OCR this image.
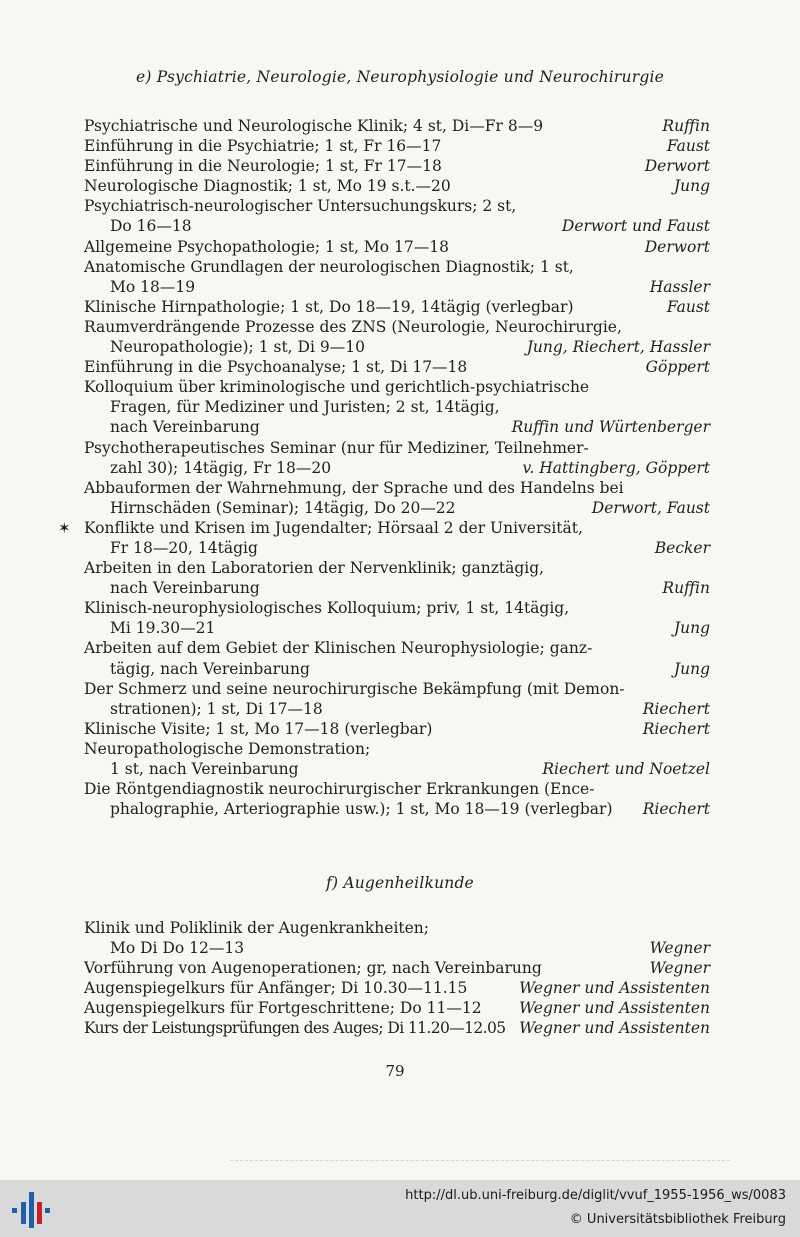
e) Psychiatrie, Neurologie, Neurophysiologie und Neurochirurgie
Psychiatrische und Neurologische Klinik; 4 st, Di—Fr 8—9	Ruffin
Einführung in die Psychiatrie; 1 st, Fr 16—17	Faust
Einführung in die Neurologie; 1 st, Fr 17—18	Derwort
Neurologische Diagnostik; 1 st, Mo 19 s.t.—20	Jung
Psychiatrisch-neurologischer Untersuchungskurs; 2 st,
Do 16—18	Derwort und Faust
Allgemeine Psychopathologie; 1 st, Mo 17—18	Derwort
Anatomische Grundlagen der neurologischen Diagnostik; 1 st,
Mo 18—19	Hassler
Klinische Hirnpathologie; 1 st, Do 18—19, 14tägig (verlegbar)	Faust
Raumverdrängende Prozesse des ZNS (Neurologie, Neurochirurgie,
Neuropathologie); 1 st, Di 9—10	Jung, Riechert, Hassler
Einführung in die Psychoanalyse; 1 st, Di 17—18	Göppert
Kolloquium über kriminologische und gerichtlich-psychiatrische
Fragen, für Mediziner und Juristen; 2 st, 14tägig,
nach Vereinbarung	Ruffin und Würtenberger
Psychotherapeutisches Seminar (nur für Mediziner, Teilnehmer-
zahl 30); 14tägig, Fr 18—20	v. Hattingberg, Göppert
Abbauformen der Wahrnehmung, der Sprache und des Handelns bei
Hirnschäden (Seminar); 14tägig, Do 20—22	Derwort, Faust
✶ Konflikte und Krisen im Jugendalter; Hörsaal 2 der Universität,
Fr 18—20, 14tägig	Becker
Arbeiten in den Laboratorien der Nervenklinik; ganztägig,
nach Vereinbarung	Ruffin
Klinisch-neurophysiologisches Kolloquium; priv, 1 st, 14tägig,
Mi 19.30—21	Jung
Arbeiten auf dem Gebiet der Klinischen Neurophysiologie; ganz-
tägig, nach Vereinbarung	Jung
Der Schmerz und seine neurochirurgische Bekämpfung (mit Demon-
strationen); 1 st, Di 17—18	Riechert
Klinische Visite; 1 st, Mo 17—18 (verlegbar)	Riechert
Neuropathologische Demonstration;
1 st, nach Vereinbarung	Riechert und Noetzel
Die Röntgendiagnostik neurochirurgischer Erkrankungen (Ence-
phalographie, Arteriographie usw.); 1 st, Mo 18—19 (verlegbar) Riechert
f) Augenheilkunde
Klinik und Poliklinik der Augenkrankheiten;
Mo Di Do 12—13	Wegner
Vorführung von Augenoperationen; gr, nach Vereinbarung	Wegner
Augenspiegelkurs für Anfänger; Di 10.30—11.15	Wegner und Assistenten
Augenspiegelkurs für Fortgeschrittene; Do 11—12 Wegner und Assistenten
Kurs der Leistungsprüfungen des Auges; Di 11.20—12.05 Wegner und Assistenten
79
http://dl.ub.uni-freiburg.de/diglit/vvuf_1955-1956_ws/0083
© Universitätsbibliothek Freiburg
